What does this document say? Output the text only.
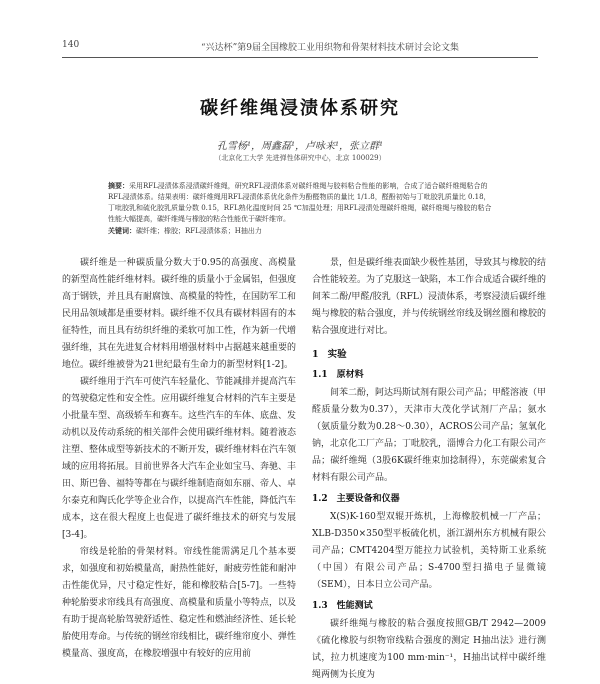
140	“兴达杯”第9届全国橡胶工业用织物和骨架材料技术研讨会论文集
碳纤维绳浸渍体系研究
孔雪杨¹，周鑫磊¹，卢咏来¹，张立群¹
（北京化工大学 先进弹性体研究中心，北京 100029）
摘要：采用RFL浸渍体系浸渍碳纤维绳，研究RFL浸渍体系对碳纤维绳与胶料粘合性能的影响，合成了适合碳纤维绳粘合的RFL浸渍体系。结果表明：碳纤维绳用RFL浸渍体系优化条件为酚醛物质的量比 1/1.8，醛酚初始与丁吡胶乳质量比 0.18，丁吡胶乳和硫化胶乳质量分数 0.15，RFL熟化温度时间 25 ℃加温处理；用RFL浸渍处理碳纤维绳，碳纤维绳与橡胶的粘合性能大幅提高，碳纤维绳与橡胶的粘合性能优于碳纤维帘。
关键词：碳纤维；橡胶；RFL浸渍体系；H抽出力

碳纤维是一种碳质量分数大于0.95的高强度、高模量的新型高性能纤维材料。碳纤维的质量小于金属铝，但强度高于钢铁，并且具有耐腐蚀、高模量的特性，在国防军工和民用品领域都是重要材料。碳纤维不仅具有碳材料固有的本征特性，而且具有纺织纤维的柔软可加工性，作为新一代增强纤维，其在先进复合材料用增强材料中占据越来越重要的地位。碳纤维被誉为21世纪最有生命力的新型材料[1-2]。

碳纤维用于汽车可使汽车轻量化、节能减排并提高汽车的驾驶稳定性和安全性。应用碳纤维复合材料的汽车主要是小批量车型、高级轿车和赛车。这些汽车的车体、底盘、发动机以及传动系统的相关部件会使用碳纤维材料。随着液态注塑、整体成型等新技术的不断开发，碳纤维材料在汽车领域的应用将拓展。目前世界各大汽车企业如宝马、奔驰、丰田、斯巴鲁、福特等都在与碳纤维制造商如东丽、帝人、卓尔泰克和陶氏化学等企业合作，以提高汽车性能，降低汽车成本，这在很大程度上也促进了碳纤维技术的研究与发展[3-4]。

帘线是轮胎的骨架材料。帘线性能需满足几个基本要求，如强度和初始模量高，耐热性能好，耐疲劳性能和耐冲击性能优异，尺寸稳定性好，能和橡胶粘合[5-7]。一些特种轮胎要求帘线具有高强度、高模量和质量小等特点，以及有助于提高轮胎驾驶舒适性、稳定性和燃油经济性、延长轮胎使用寿命。与传统的钢丝帘线相比，碳纤维帘度小、弹性模量高、强度高，在橡胶增强中有较好的应用前

景，但是碳纤维表面缺少极性基团，导致其与橡胶的结合性能较差。为了克服这一缺陷，本工作合成适合碳纤维的间苯二酚/甲醛/胶乳（RFL）浸渍体系，考察浸渍后碳纤维绳与橡胶的粘合强度，并与传统钢丝帘线及钢丝圈和橡胶的粘合强度进行对比。

1 实验
1.1 原材料

间苯二酚，阿达玛斯试剂有限公司产品；甲醛溶液（甲醛质量分数为0.37），天津市大茂化学试剂厂产品；氨水（氨质量分数为0.28～0.30），ACROS公司产品；氢氧化钠，北京化工厂产品；丁吡胶乳，淄博合力化工有限公司产品；碳纤维绳（3股6K碳纤维束加捻制得），东莞碳索复合材料有限公司产品。

1.2 主要设备和仪器

X(S)K-160型双辊开炼机，上海橡胶机械一厂产品；XLB-D350×350型平板硫化机，浙江湖州东方机械有限公司产品；CMT4204型万能拉力试验机，美特斯工业系统（中国）有限公司产品；S-4700型扫描电子显微镜（SEM），日本日立公司产品。

1.3 性能测试

碳纤维绳与橡胶的粘合强度按照GB/T 2942—2009《硫化橡胶与织物帘线粘合强度的测定 H抽出法》进行测试，拉力机速度为100 mm·min⁻¹，H抽出试样中碳纤维绳两侧为长度为
